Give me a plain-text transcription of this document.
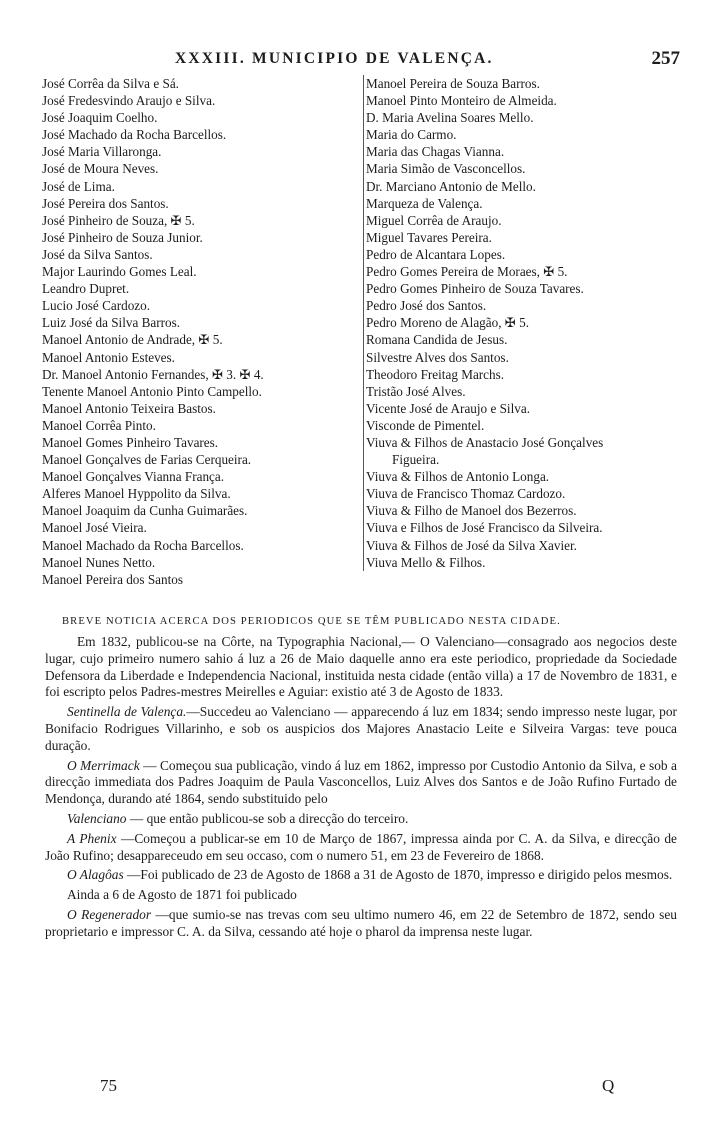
XXXIII. MUNICIPIO DE VALENÇA.	257
José Corrêa da Silva e Sá.
José Fredesvindo Araujo e Silva.
José Joaquim Coelho.
José Machado da Rocha Barcellos.
José Maria Villaronga.
José de Moura Neves.
José de Lima.
José Pereira dos Santos.
José Pinheiro de Souza, ✠ 5.
José Pinheiro de Souza Junior.
José da Silva Santos.
Major Laurindo Gomes Leal.
Leandro Dupret.
Lucio José Cardozo.
Luiz José da Silva Barros.
Manoel Antonio de Andrade, ✠ 5.
Manoel Antonio Esteves.
Dr. Manoel Antonio Fernandes, ✠ 3. ✠ 4.
Tenente Manoel Antonio Pinto Campello.
Manoel Antonio Teixeira Bastos.
Manoel Corrêa Pinto.
Manoel Gomes Pinheiro Tavares.
Manoel Gonçalves de Farias Cerqueira.
Manoel Gonçalves Vianna França.
Alferes Manoel Hyppolito da Silva.
Manoel Joaquim da Cunha Guimarães.
Manoel José Vieira.
Manoel Machado da Rocha Barcellos.
Manoel Nunes Netto.
Manoel Pereira dos Santos
Manoel Pereira de Souza Barros.
Manoel Pinto Monteiro de Almeida.
D. Maria Avelina Soares Mello.
Maria do Carmo.
Maria das Chagas Vianna.
Maria Simão de Vasconcellos.
Dr. Marciano Antonio de Mello.
Marqueza de Valença.
Miguel Corrêa de Araujo.
Miguel Tavares Pereira.
Pedro de Alcantara Lopes.
Pedro Gomes Pereira de Moraes, ✠ 5.
Pedro Gomes Pinheiro de Souza Tavares.
Pedro José dos Santos.
Pedro Moreno de Alagão, ✠ 5.
Romana Candida de Jesus.
Silvestre Alves dos Santos.
Theodoro Freitag Marchs.
Tristão José Alves.
Vicente José de Araujo e Silva.
Visconde de Pimentel.
Viuva & Filhos de Anastacio José Gonçalves
Figueira.
Viuva & Filhos de Antonio Longa.
Viuva de Francisco Thomaz Cardozo.
Viuva & Filho de Manoel dos Bezerros.
Viuva e Filhos de José Francisco da Silveira.
Viuva & Filhos de José da Silva Xavier.
Viuva Mello & Filhos.
BREVE NOTICIA ACERCA DOS PERIODICOS QUE SE TÊM PUBLICADO NESTA CIDADE.

Em 1832, publicou-se na Côrte, na Typographia Nacional,— O Valenciano—consagrado aos negocios deste lugar, cujo primeiro numero sahio á luz a 26 de Maio daquelle anno era este periodico, propriedade da Sociedade Defensora da Liberdade e Independencia Nacional, instituida nesta cidade (então villa) a 17 de Novembro de 1831, e foi escripto pelos Padres-mestres Meirelles e Aguiar: existio até 3 de Agosto de 1833.

Sentinella de Valença.—Succedeu ao Valenciano — apparecendo á luz em 1834; sendo impresso neste lugar, por Bonifacio Rodrigues Villarinho, e sob os auspicios dos Majores Anastacio Leite e Silveira Vargas: teve pouca duração.

O Merrimack — Começou sua publicação, vindo á luz em 1862, impresso por Custodio Antonio da Silva, e sob a direcção immediata dos Padres Joaquim de Paula Vasconcellos, Luiz Alves dos Santos e de João Rufino Furtado de Mendonça, durando até 1864, sendo substituido pelo

Valenciano — que então publicou-se sob a direcção do terceiro.

A Phenix —Começou a publicar-se em 10 de Março de 1867, impressa ainda por C. A. da Silva, e direcção de João Rufino; desappareceudo em seu occaso, com o numero 51, em 23 de Fevereiro de 1868.

O Alagôas —Foi publicado de 23 de Agosto de 1868 a 31 de Agosto de 1870, impresso e dirigido pelos mesmos.

Ainda a 6 de Agosto de 1871 foi publicado

O Regenerador —que sumio-se nas trevas com seu ultimo numero 46, em 22 de Setembro de 1872, sendo seu proprietario e impressor C. A. da Silva, cessando até hoje o pharol da imprensa neste lugar.

75	Q
